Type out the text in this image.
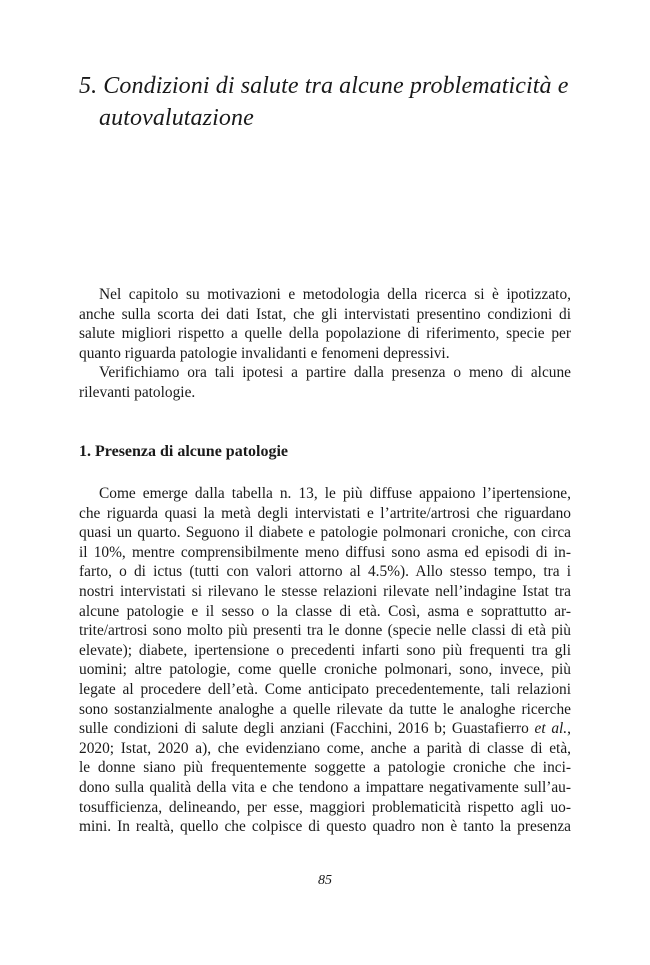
5. Condizioni di salute tra alcune problematicità e
autovalutazione

Nel capitolo su motivazioni e metodologia della ricerca si è ipotizzato,
anche sulla scorta dei dati Istat, che gli intervistati presentino condizioni di
salute migliori rispetto a quelle della popolazione di riferimento, specie per
quanto riguarda patologie invalidanti e fenomeni depressivi.
Verifichiamo ora tali ipotesi a partire dalla presenza o meno di alcune
rilevanti patologie.

1. Presenza di alcune patologie

Come emerge dalla tabella n. 13, le più diffuse appaiono l’ipertensione,
che riguarda quasi la metà degli intervistati e l’artrite/artrosi che riguardano
quasi un quarto. Seguono il diabete e patologie polmonari croniche, con circa
il 10%, mentre comprensibilmente meno diffusi sono asma ed episodi di in-
farto, o di ictus (tutti con valori attorno al 4.5%). Allo stesso tempo, tra i
nostri intervistati si rilevano le stesse relazioni rilevate nell’indagine Istat tra
alcune patologie e il sesso o la classe di età. Così, asma e soprattutto ar-
trite/artrosi sono molto più presenti tra le donne (specie nelle classi di età più
elevate); diabete, ipertensione o precedenti infarti sono più frequenti tra gli
uomini; altre patologie, come quelle croniche polmonari, sono, invece, più
legate al procedere dell’età. Come anticipato precedentemente, tali relazioni
sono sostanzialmente analoghe a quelle rilevate da tutte le analoghe ricerche
sulle condizioni di salute degli anziani (Facchini, 2016 b; Guastafierro et al.,
2020; Istat, 2020 a), che evidenziano come, anche a parità di classe di età,
le donne siano più frequentemente soggette a patologie croniche che inci-
dono sulla qualità della vita e che tendono a impattare negativamente sull’au-
tosufficienza, delineando, per esse, maggiori problematicità rispetto agli uo-
mini. In realtà, quello che colpisce di questo quadro non è tanto la presenza

85
